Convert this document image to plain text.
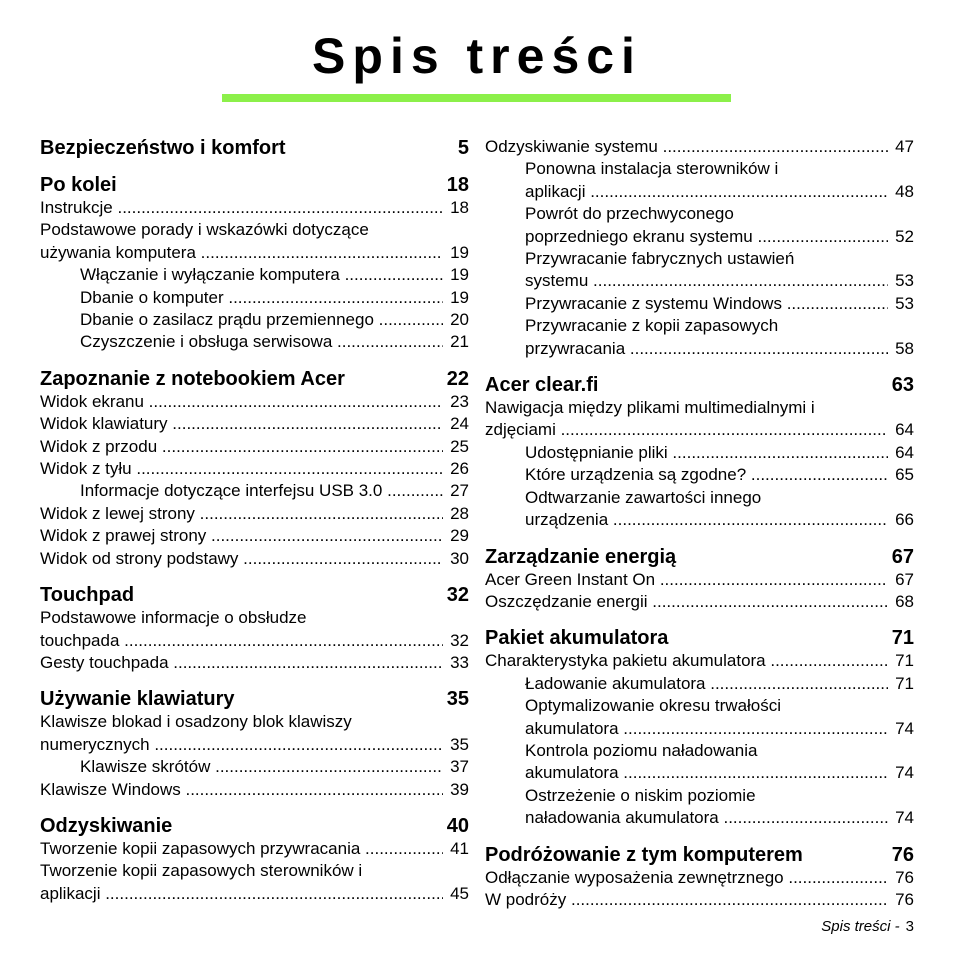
Spis treści
Bezpieczeństwo i komfort	5
Po kolei	18
Instrukcje .....	18
Podstawowe porady i wskazówki dotyczące
używania komputera .....	19
Włączanie i wyłączanie komputera .....	19
Dbanie o komputer .....	19
Dbanie o zasilacz prądu przemiennego .....	20
Czyszczenie i obsługa serwisowa .....	21
Zapoznanie z notebookiem Acer	22
Widok ekranu .....	23
Widok klawiatury .....	24
Widok z przodu .....	25
Widok z tyłu .....	26
Informacje dotyczące interfejsu USB 3.0 .....	27
Widok z lewej strony .....	28
Widok z prawej strony .....	29
Widok od strony podstawy .....	30
Touchpad	32
Podstawowe informacje o obsłudze
touchpada .....	32
Gesty touchpada .....	33
Używanie klawiatury	35
Klawisze blokad i osadzony blok klawiszy
numerycznych .....	35
Klawisze skrótów .....	37
Klawisze Windows .....	39
Odzyskiwanie	40
Tworzenie kopii zapasowych przywracania .....	41
Tworzenie kopii zapasowych sterowników i
aplikacji .....	45
Odzyskiwanie systemu .....	47
Ponowna instalacja sterowników i
aplikacji .....	48
Powrót do przechwyconego
poprzedniego ekranu systemu .....	52
Przywracanie fabrycznych ustawień
systemu .....	53
Przywracanie z systemu Windows .....	53
Przywracanie z kopii zapasowych
przywracania .....	58
Acer clear.fi	63
Nawigacja między plikami multimedialnymi i
zdjęciami .....	64
Udostępnianie pliki .....	64
Które urządzenia są zgodne? .....	65
Odtwarzanie zawartości innego
urządzenia .....	66
Zarządzanie energią	67
Acer Green Instant On .....	67
Oszczędzanie energii .....	68
Pakiet akumulatora	71
Charakterystyka pakietu akumulatora .....	71
Ładowanie akumulatora .....	71
Optymalizowanie okresu trwałości
akumulatora .....	74
Kontrola poziomu naładowania
akumulatora .....	74
Ostrzeżenie o niskim poziomie
naładowania akumulatora .....	74
Podróżowanie z tym komputerem	76
Odłączanie wyposażenia zewnętrznego .....	76
W podróży .....	76
Spis treści - 3
